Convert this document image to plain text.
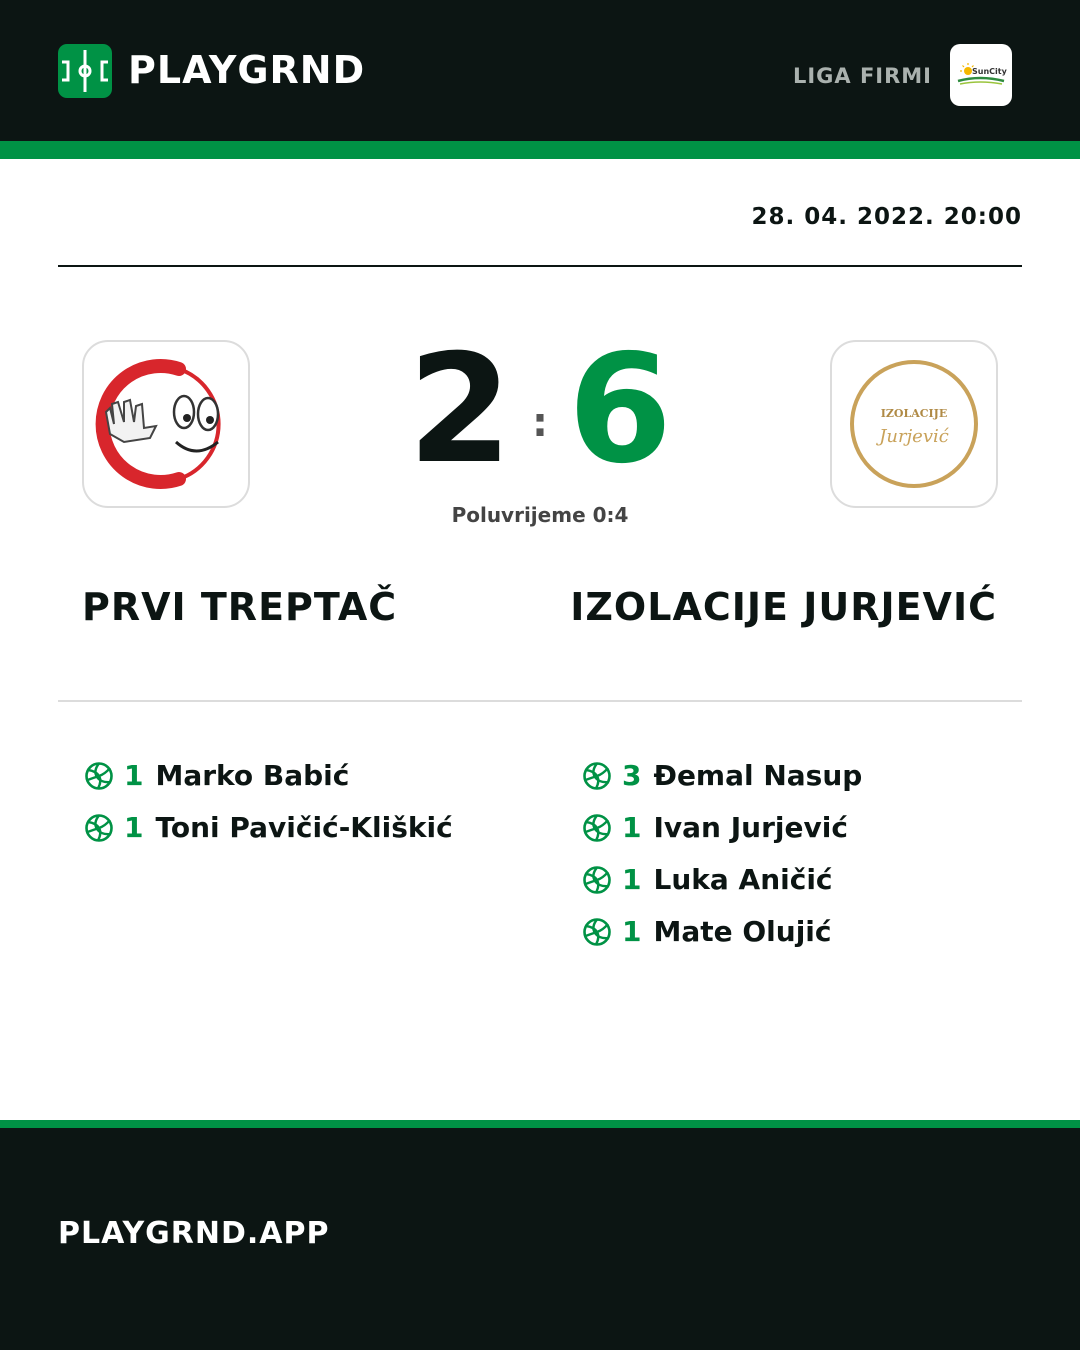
PLAYGRND	LIGA FIRMI	SunCity
28. 04. 2022. 20:00
IZOLACIJE
Jurjević
2 : 6
Poluvrijeme 0:4
PRVI TREPTAČ	IZOLACIJE JURJEVIĆ
1 Marko Babić
1 Toni Pavičić-Kliškić
3 Đemal Nasup
1 Ivan Jurjević
1 Luka Aničić
1 Mate Olujić
PLAYGRND.APP
